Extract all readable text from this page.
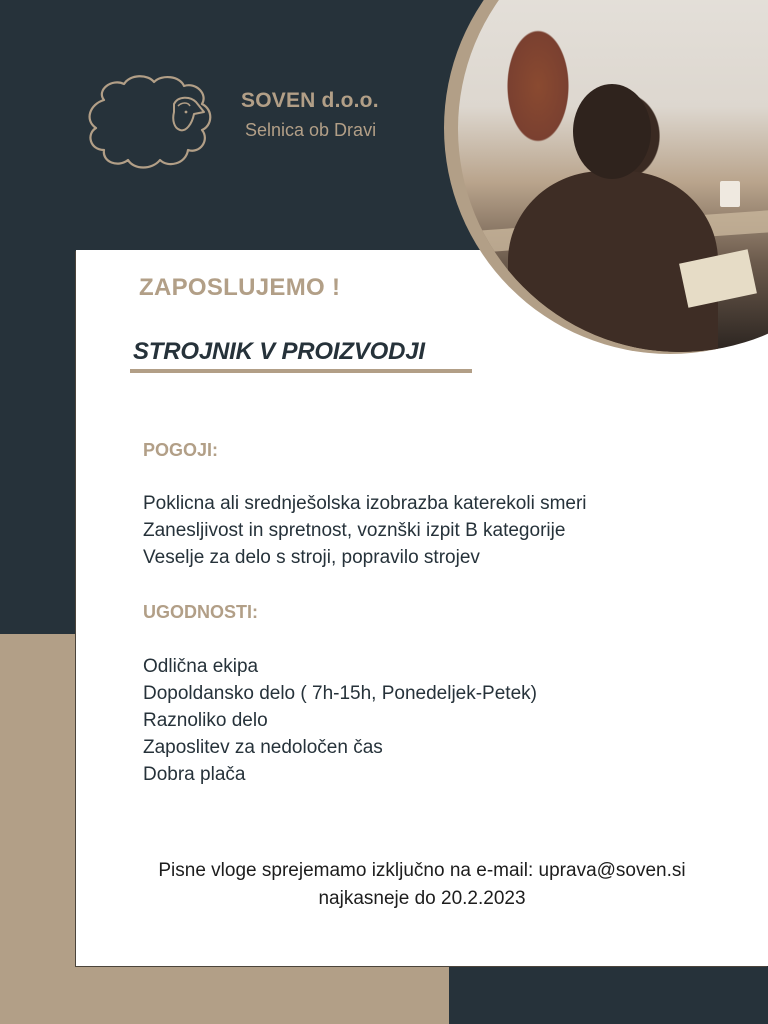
SOVEN d.o.o.
Selnica ob Dravi
ZAPOSLUJEMO !
STROJNIK V PROIZVODJI
POGOJI:
Poklicna ali srednješolska izobrazba katerekoli smeri
Zanesljivost in spretnost, voznški izpit B kategorije
Veselje za delo s stroji, popravilo strojev
UGODNOSTI:
Odlična ekipa
Dopoldansko delo ( 7h-15h, Ponedeljek-Petek)
Raznoliko delo
Zaposlitev za nedoločen čas
Dobra plača
Pisne vloge sprejemamo izključno na e-mail: uprava@soven.si
najkasneje do 20.2.2023
